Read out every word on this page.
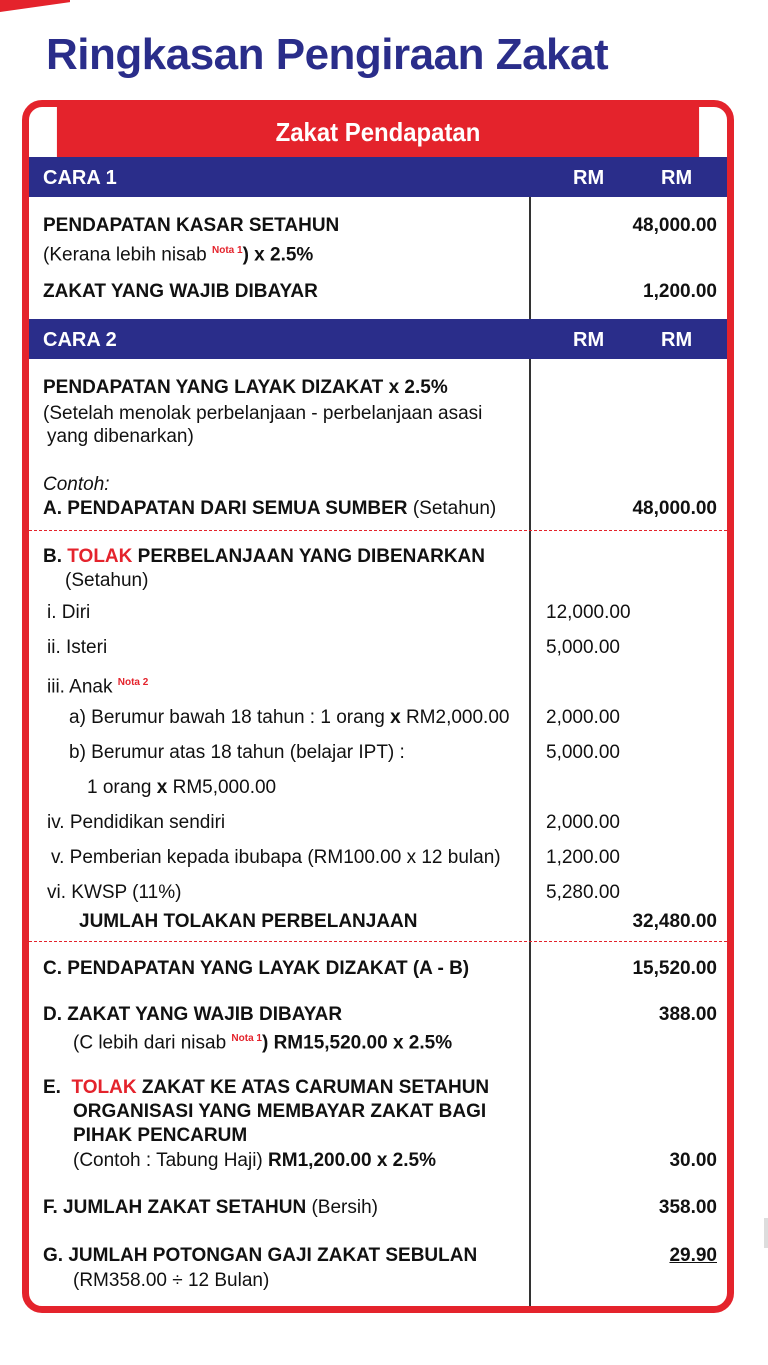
Ringkasan Pengiraan Zakat
Zakat Pendapatan
CARA 1	RM	RM
PENDAPATAN KASAR SETAHUN	48,000.00
(Kerana lebih nisab $^{Nota 1}$) x 2.5%
ZAKAT YANG WAJIB DIBAYAR	1,200.00
CARA 2	RM	RM
PENDAPATAN YANG LAYAK DIZAKAT x 2.5%
(Setelah menolak perbelanjaan - perbelanjaan asasi
yang dibenarkan)
Contoh:
A. PENDAPATAN DARI SEMUA SUMBER (Setahun)	48,000.00
B. TOLAK PERBELANJAAN YANG DIBENARKAN
(Setahun)
i. Diri	12,000.00
ii. Isteri	5,000.00
iii. Anak $^{Nota 2}$
a) Berumur bawah 18 tahun : 1 orang x RM2,000.00 2,000.00
b) Berumur atas 18 tahun (belajar IPT) :	5,000.00
1 orang x RM5,000.00
iv. Pendidikan sendiri	2,000.00
v. Pemberian kepada ibubapa (RM100.00 x 12 bulan) 1,200.00
vi. KWSP (11%)	5,280.00
JUMLAH TOLAKAN PERBELANJAAN	32,480.00
C. PENDAPATAN YANG LAYAK DIZAKAT (A - B)	15,520.00
D. ZAKAT YANG WAJIB DIBAYAR	388.00
(C lebih dari nisab $^{Nota 1}$) RM15,520.00 x 2.5%
E. TOLAK ZAKAT KE ATAS CARUMAN SETAHUN
ORGANISASI YANG MEMBAYAR ZAKAT BAGI
PIHAK PENCARUM
(Contoh : Tabung Haji) RM1,200.00 x 2.5%	30.00
F. JUMLAH ZAKAT SETAHUN (Bersih)	358.00
G. JUMLAH POTONGAN GAJI ZAKAT SEBULAN	29.90
(RM358.00 ÷ 12 Bulan)
